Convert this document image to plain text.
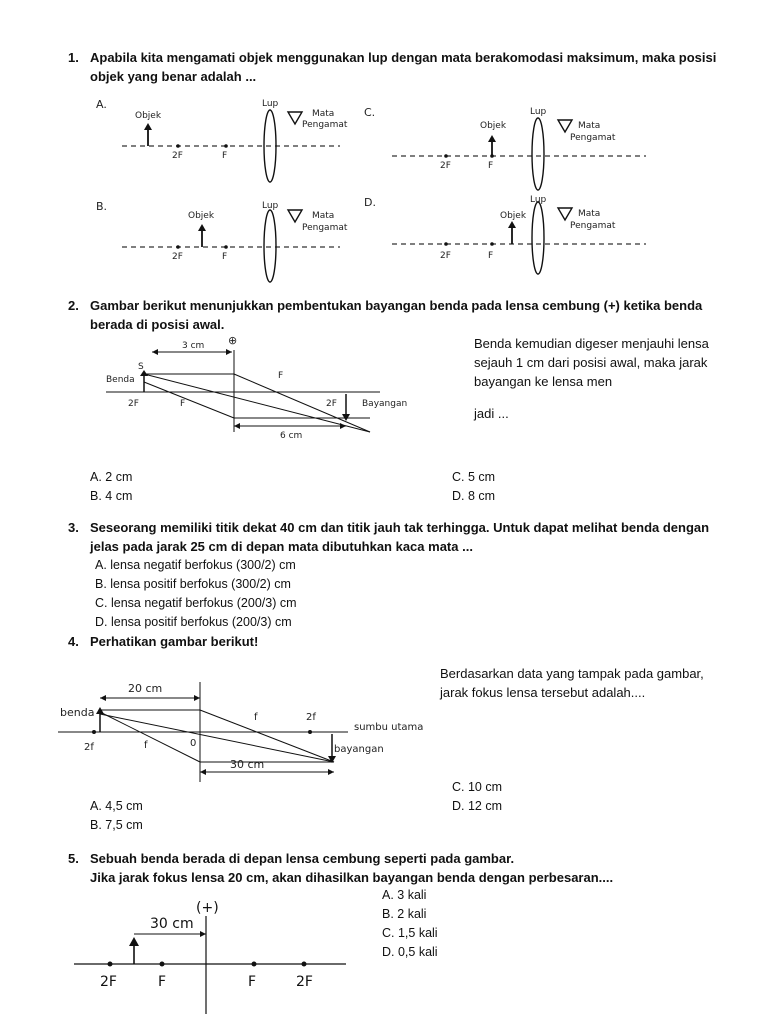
1. Apabila kita mengamati objek menggunakan lup dengan mata berakomodasi maksimum, maka posisi
objek yang benar adalah ...
A.
Objek
2F	F
Lup
Mata
Pengamat
C.
2F	F
Objek
Lup
Mata
Pengamat
B.
2F	F
Objek
Lup
Mata
Pengamat
D.
2F	F
Objek
Lup
Mata
Pengamat
2. Gambar berikut menunjukkan pembentukan bayangan benda pada lensa cembung (+) ketika benda
berada di posisi awal.
3 cm ⊕
Benda
S
2F	F
F
2F	Bayangan
6 cm
Benda kemudian digeser menjauhi lensa
sejauh 1 cm dari posisi awal, maka jarak
bayangan ke lensa men
jadi ...
A. 2 cm
B. 4 cm
C. 5 cm
D. 8 cm
3. Seseorang memiliki titik dekat 40 cm dan titik jauh tak terhingga. Untuk dapat melihat benda dengan
jelas pada jarak 25 cm di depan mata dibutuhkan kaca mata ...
A. lensa negatif berfokus (300/2) cm
B. lensa positif berfokus (300/2) cm
C. lensa negatif berfokus (200/3) cm
D. lensa positif berfokus (200/3) cm
4. Perhatikan gambar berikut!
20 cm
benda
2f	f	0
f	2f
sumbu utama
bayangan
30 cm
Berdasarkan data yang tampak pada gambar,
jarak fokus lensa tersebut adalah....
A. 4,5 cm
B. 7,5 cm
C. 10 cm
D. 12 cm
5. Sebuah benda berada di depan lensa cembung seperti pada gambar.
Jika jarak fokus lensa 20 cm, akan dihasilkan bayangan benda dengan perbesaran....
(+)
30 cm
2F	F	F	2F
A. 3 kali
B. 2 kali
C. 1,5 kali
D. 0,5 kali
